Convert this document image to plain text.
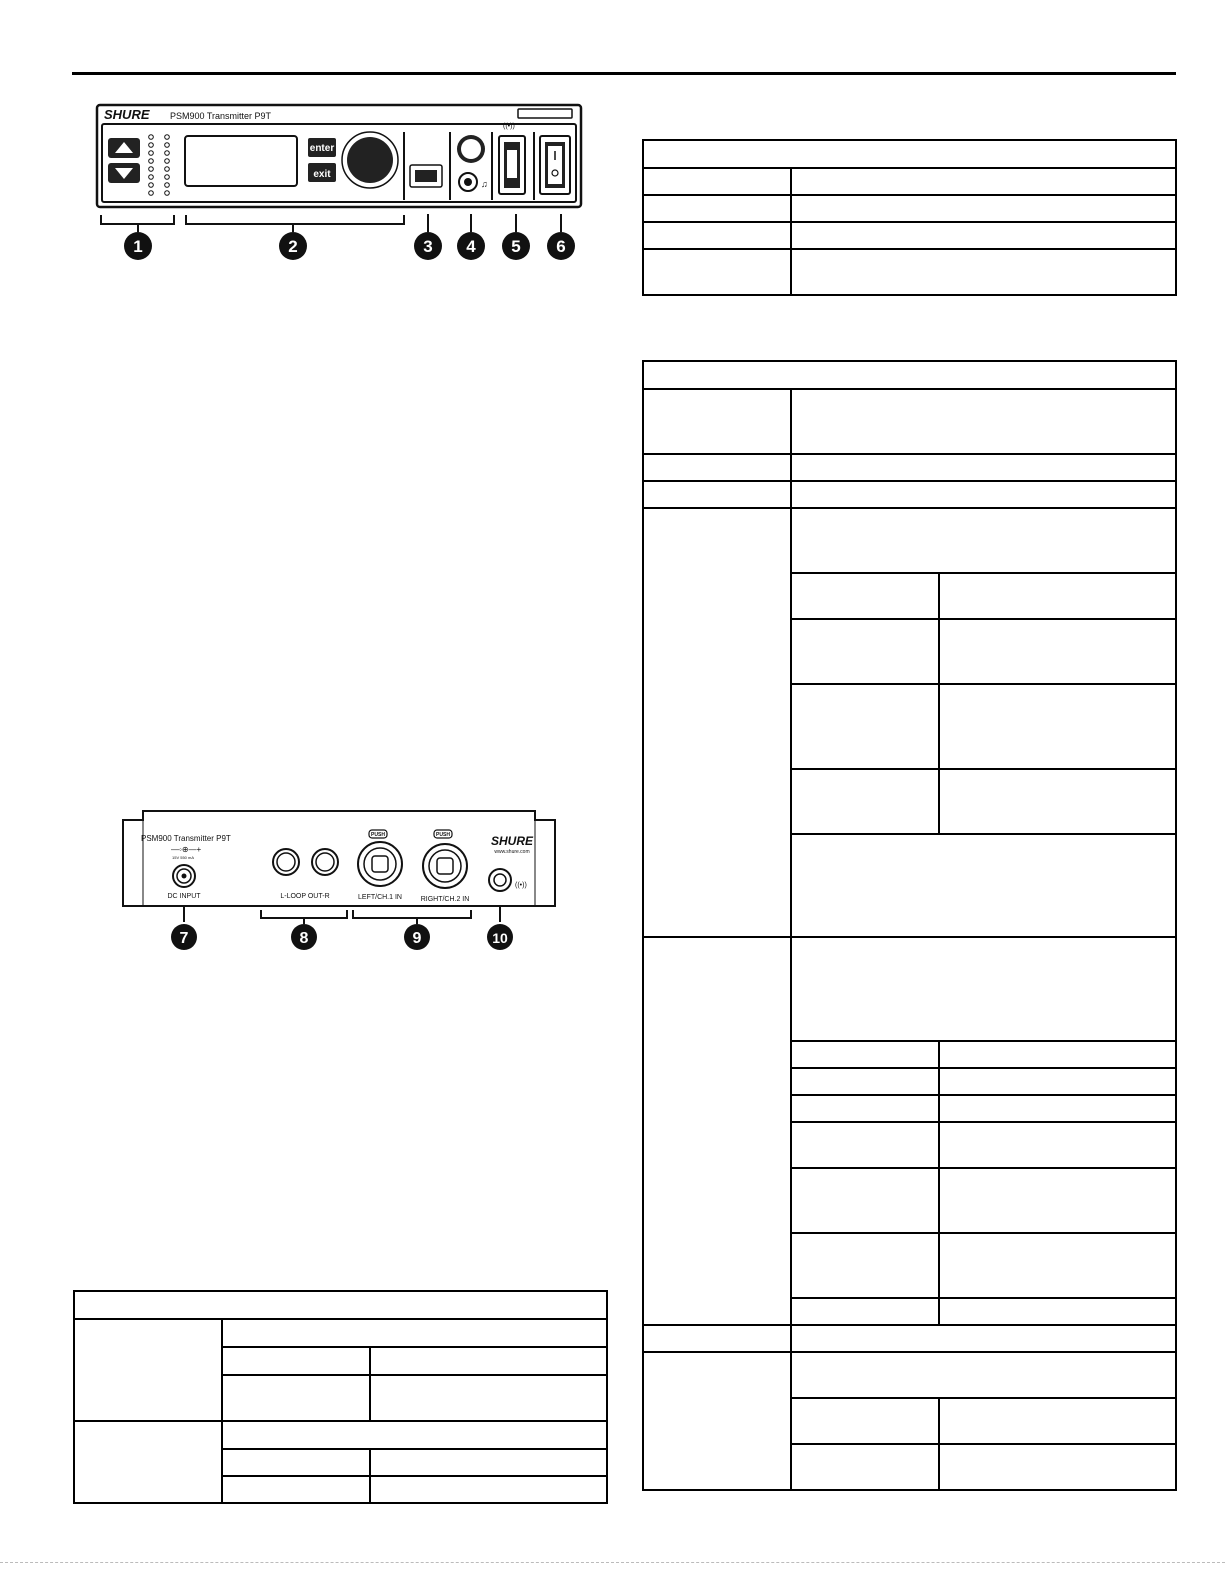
SHURE PSM900 Transmitter P9T
enter
exit
♫
((•))
1	2	3 4 5 6
PSM900 Transmitter P9T
—◦⊕—+
15V 550 mA
DC INPUT	L-LOOP OUT-R
PUSH
LEFT/CH.1 IN
PUSH
RIGHT/CH.2 IN
SHURE
www.shure.com
((•))
7	8	9	10
